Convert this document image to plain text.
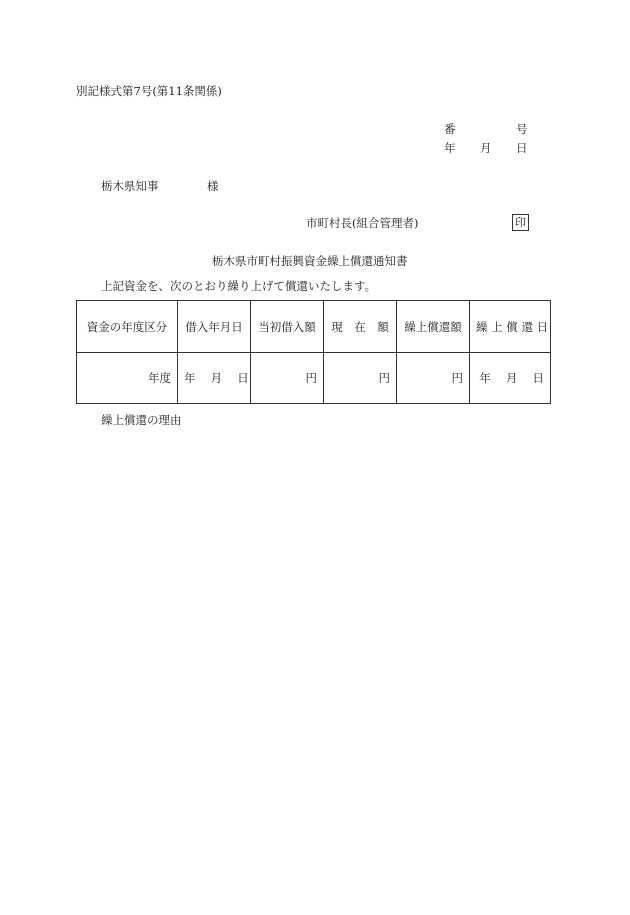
別記様式第7号(第11条関係)
番	号
年 月 日
栃木県知事	様
市町村長(組合管理者)	印
栃木県市町村振興資金繰上償還通知書
上記資金を、次のとおり繰り上げて償還いたします。
資金の年度区分	借入年月日	当初借入額	現　在　額	繰上償還額	繰 上 償 還 日
年度	年　 月　 日	円	円	円	年　 月　 日
繰上償還の理由
